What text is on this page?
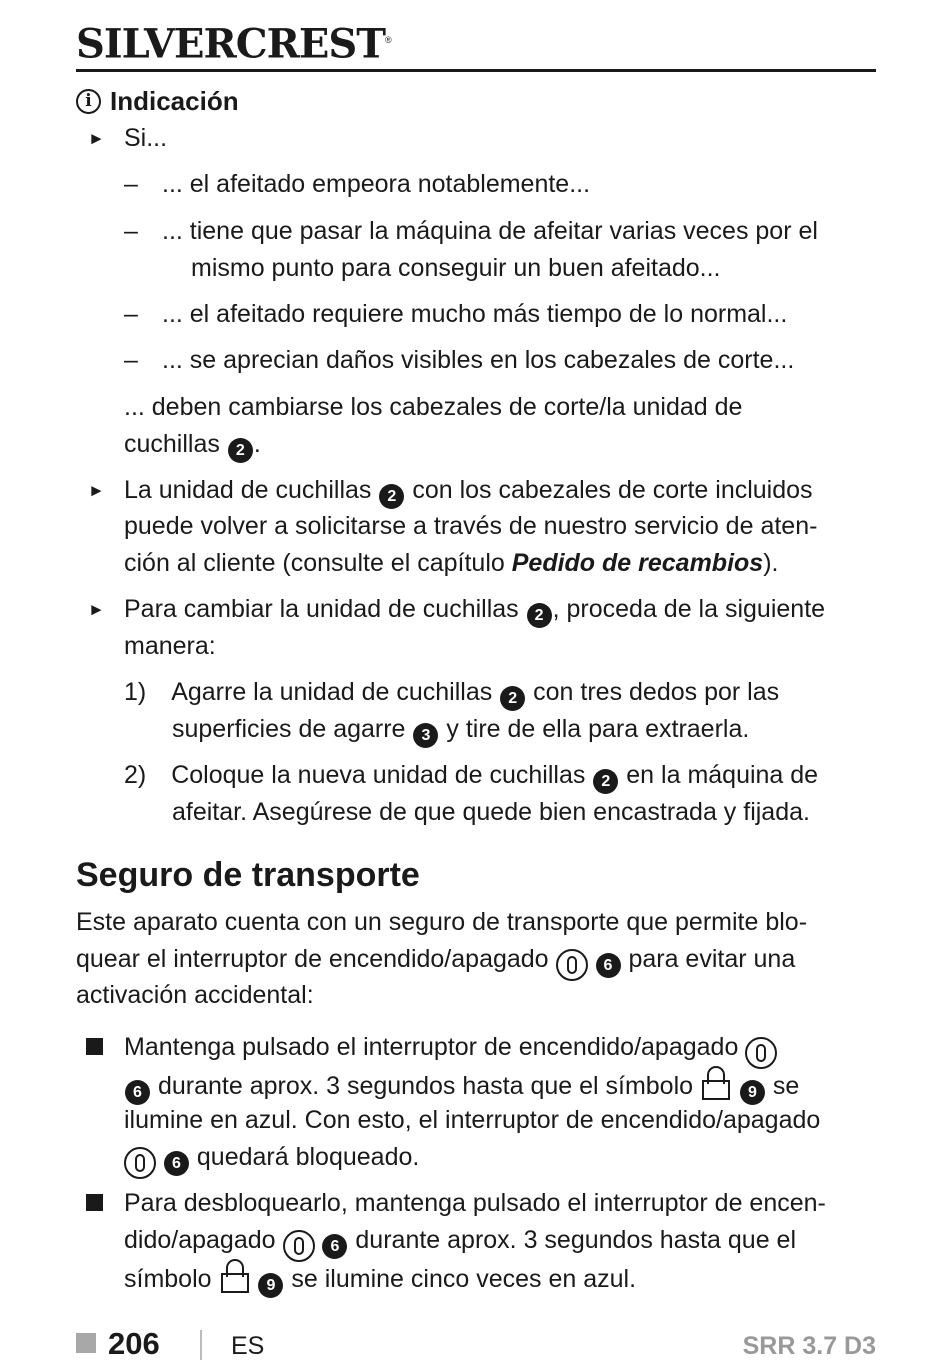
SILVERCREST®
i Indicación
► Si...
– ... el afeitado empeora notablemente...
– ... tiene que pasar la máquina de afeitar varias veces por el
mismo punto para conseguir un buen afeitado...
– ... el afeitado requiere mucho más tiempo de lo normal...
– ... se aprecian daños visibles en los cabezales de corte...
... deben cambiarse los cabezales de corte/la unidad de
cuchillas 2 .
► La unidad de cuchillas 2 con los cabezales de corte incluidos
puede volver a solicitarse a través de nuestro servicio de aten-
ción al cliente (consulte el capítulo Pedido de recambios).
► Para cambiar la unidad de cuchillas 2 , proceda de la siguiente
manera:
1) Agarre la unidad de cuchillas 2 con tres dedos por las
superficies de agarre 3 y tire de ella para extraerla.
2) Coloque la nueva unidad de cuchillas 2 en la máquina de
afeitar. Asegúrese de que quede bien encastrada y fijada.
Seguro de transporte
Este aparato cuenta con un seguro de transporte que permite blo-
quear el interruptor de encendido/apagado	6 para evitar una
activación accidental:
Mantenga pulsado el interruptor de encendido/apagado
6 durante aprox. 3 segundos hasta que el símbolo	9 se
ilumine en azul. Con esto, el interruptor de encendido/apagado
6 quedará bloqueado.
Para desbloquearlo, mantenga pulsado el interruptor de encen-
dido/apagado	6 durante aprox. 3 segundos hasta que el
símbolo	9 se ilumine cinco veces en azul.
206	ES	SRR 3.7 D3
